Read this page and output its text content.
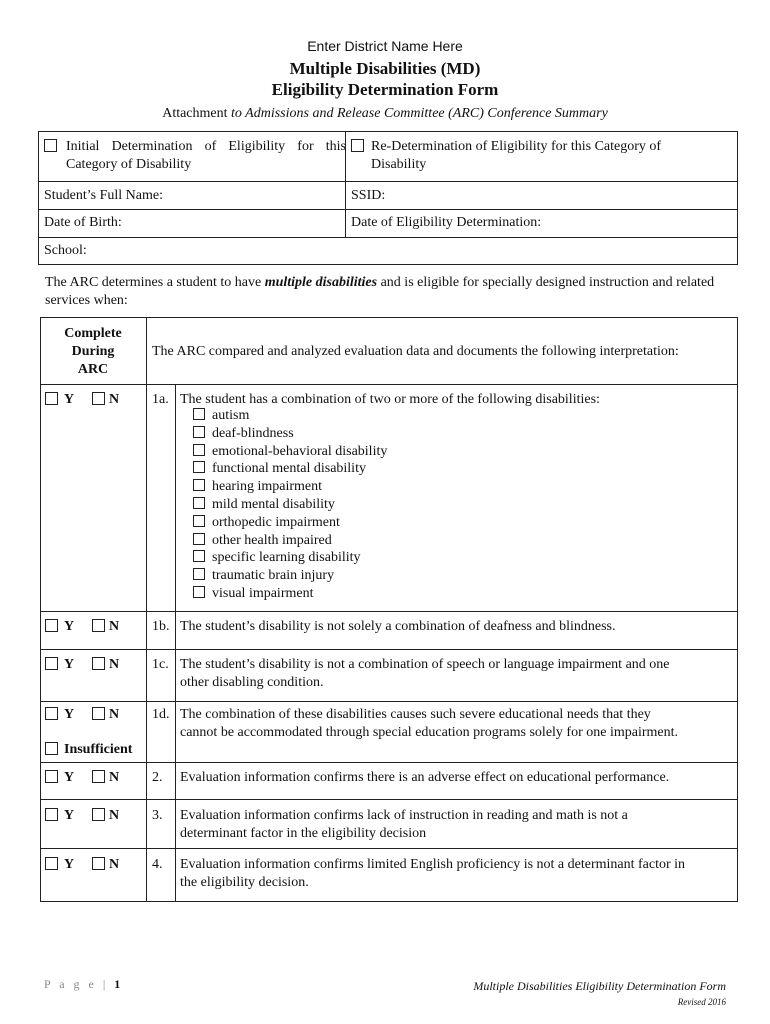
Enter District Name Here
Multiple Disabilities (MD)
Eligibility Determination Form
Attachment to Admissions and Release Committee (ARC) Conference Summary
Initial Determination of Eligibility for this
Category of Disability
Re-Determination of Eligibility for this Category of
Disability
Student’s Full Name:	SSID:
Date of Birth:	Date of Eligibility Determination:
School:
The ARC determines a student to have multiple disabilities and is eligible for specially designed instruction and related services when:
Complete
During
ARC
The ARC compared and analyzed evaluation data and documents the following interpretation:
Y N 1a. The student has a combination of two or more of the following disabilities:
autism
deaf-blindness
emotional-behavioral disability
functional mental disability
hearing impairment
mild mental disability
orthopedic impairment
other health impaired
specific learning disability
traumatic brain injury
visual impairment
Y N 1b. The student’s disability is not solely a combination of deafness and blindness.
Y N 1c. The student’s disability is not a combination of speech or language impairment and one
other disabling condition.
Y N
Insufficient
1d. The combination of these disabilities causes such severe educational needs that they
cannot be accommodated through special education programs solely for one impairment.
Y N 2. Evaluation information confirms there is an adverse effect on educational performance.
Y N 3. Evaluation information confirms lack of instruction in reading and math is not a
determinant factor in the eligibility decision
Y N 4. Evaluation information confirms limited English proficiency is not a determinant factor in
the eligibility decision.
P a g e | 1	Multiple Disabilities Eligibility Determination Form
Revised 2016
